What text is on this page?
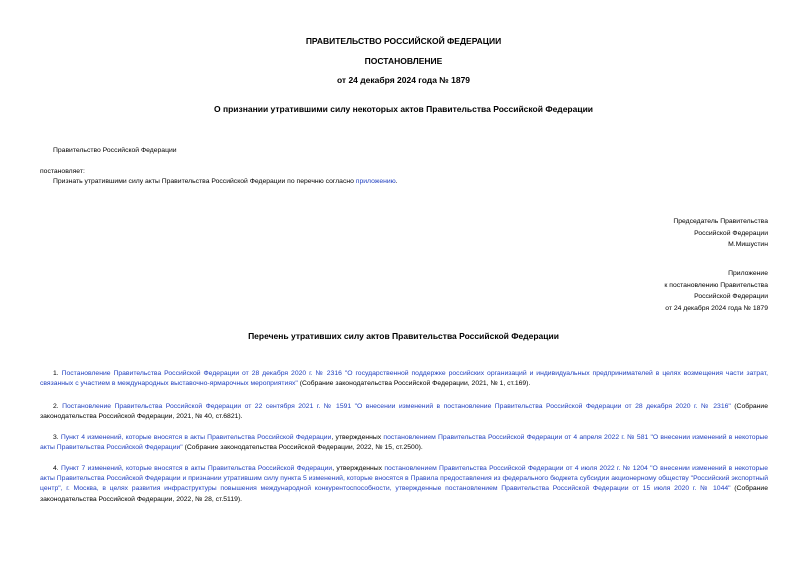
ПРАВИТЕЛЬСТВО РОССИЙСКОЙ ФЕДЕРАЦИИ
ПОСТАНОВЛЕНИЕ
от 24 декабря 2024 года № 1879
О признании утратившими силу некоторых актов Правительства Российской Федерации
Правительство Российской Федерации
постановляет:
Признать утратившими силу акты Правительства Российской Федерации по перечню согласно приложению.
Председатель Правительства
Российской Федерации
М.Мишустин
Приложение
к постановлению Правительства
Российской Федерации
от 24 декабря 2024 года № 1879
Перечень утративших силу актов Правительства Российской Федерации
1. Постановление Правительства Российской Федерации от 28 декабря 2020 г. № 2316 "О государственной поддержке российских организаций и индивидуальных предпринимателей в целях возмещения части затрат, связанных с участием в международных выставочно-ярмарочных мероприятиях" (Собрание законодательства Российской Федерации, 2021, № 1, ст.169).
2. Постановление Правительства Российской Федерации от 22 сентября 2021 г. № 1591 "О внесении изменений в постановление Правительства Российской Федерации от 28 декабря 2020 г. № 2316" (Собрание законодательства Российской Федерации, 2021, № 40, ст.6821).
3. Пункт 4 изменений, которые вносятся в акты Правительства Российской Федерации, утвержденных постановлением Правительства Российской Федерации от 4 апреля 2022 г. № 581 "О внесении изменений в некоторые акты Правительства Российской Федерации" (Собрание законодательства Российской Федерации, 2022, № 15, ст.2500).
4. Пункт 7 изменений, которые вносятся в акты Правительства Российской Федерации, утвержденных постановлением Правительства Российской Федерации от 4 июля 2022 г. № 1204 "О внесении изменений в некоторые акты Правительства Российской Федерации и признании утратившим силу пункта 5 изменений, которые вносятся в Правила предоставления из федерального бюджета субсидии акционерному обществу "Российский экспортный центр", г. Москва, в целях развития инфраструктуры повышения международной конкурентоспособности, утвержденные постановлением Правительства Российской Федерации от 15 июля 2020 г. № 1044" (Собрание законодательства Российской Федерации, 2022, № 28, ст.5119).
